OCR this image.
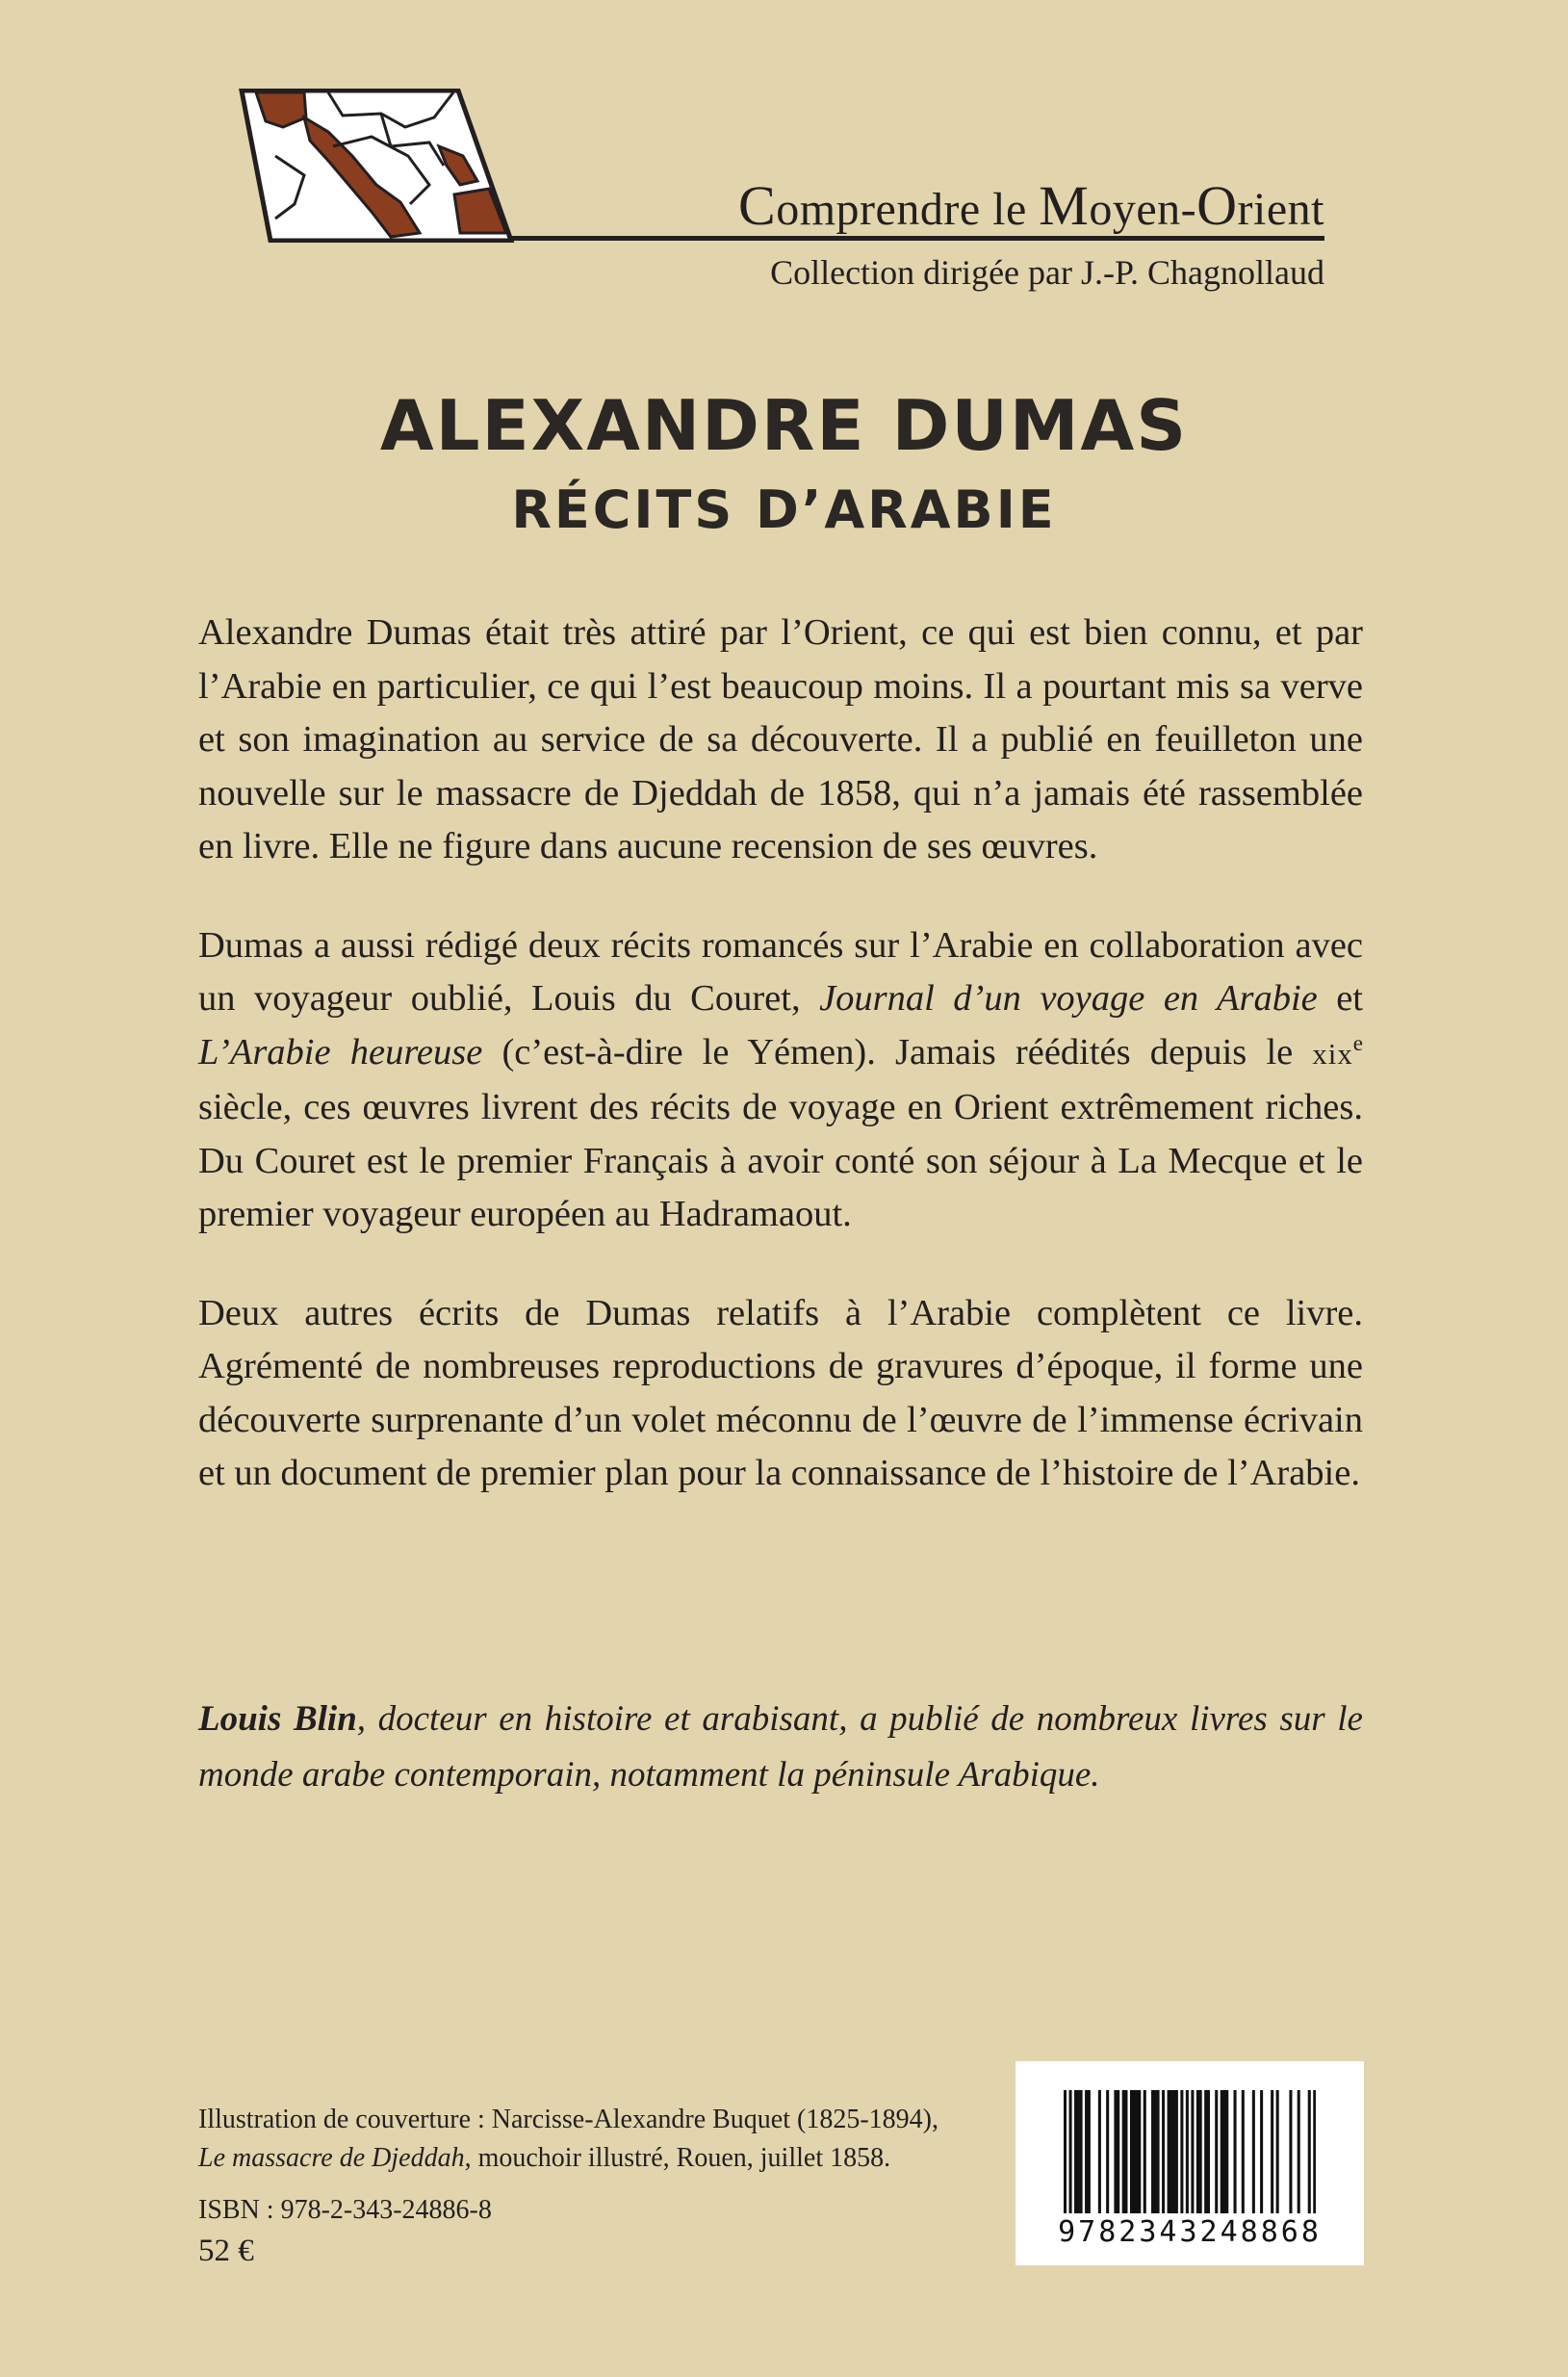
Comprendre le Moyen-Orient
Collection dirigée par J.-P. Chagnollaud
ALEXANDRE DUMAS
RÉCITS D’ARABIE

Alexandre Dumas était très attiré par l’Orient, ce qui est bien connu, et par l’Arabie en particulier, ce qui l’est beaucoup moins. Il a pourtant mis sa verve et son imagination au service de sa découverte. Il a publié en feuilleton une nouvelle sur le massacre de Djeddah de 1858, qui n’a jamais été rassemblée en livre. Elle ne figure dans aucune recension de ses œuvres.

Dumas a aussi rédigé deux récits romancés sur l’Arabie en collaboration avec un voyageur oublié, Louis du Couret, Journal d’un voyage en Arabie et L’Arabie heureuse (c’est-à-dire le Yémen). Jamais réédités depuis le xix$^e$ siècle, ces œuvres livrent des récits de voyage en Orient extrêmement riches. Du Couret est le premier Français à avoir conté son séjour à La Mecque et le premier voyageur européen au Hadramaout.

Deux autres écrits de Dumas relatifs à l’Arabie complètent ce livre. Agrémenté de nombreuses reproductions de gravures d’époque, il forme une découverte surprenante d’un volet méconnu de l’œuvre de l’immense écrivain et un document de premier plan pour la connaissance de l’histoire de l’Arabie.

Louis Blin, docteur en histoire et arabisant, a publié de nombreux livres sur le monde arabe contemporain, notamment la péninsule Arabique.

Illustration de couverture : Narcisse-Alexandre Buquet (1825-1894),
Le massacre de Djeddah, mouchoir illustré, Rouen, juillet 1858.
ISBN : 978-2-343-24886-8
52 €
9782343248868
